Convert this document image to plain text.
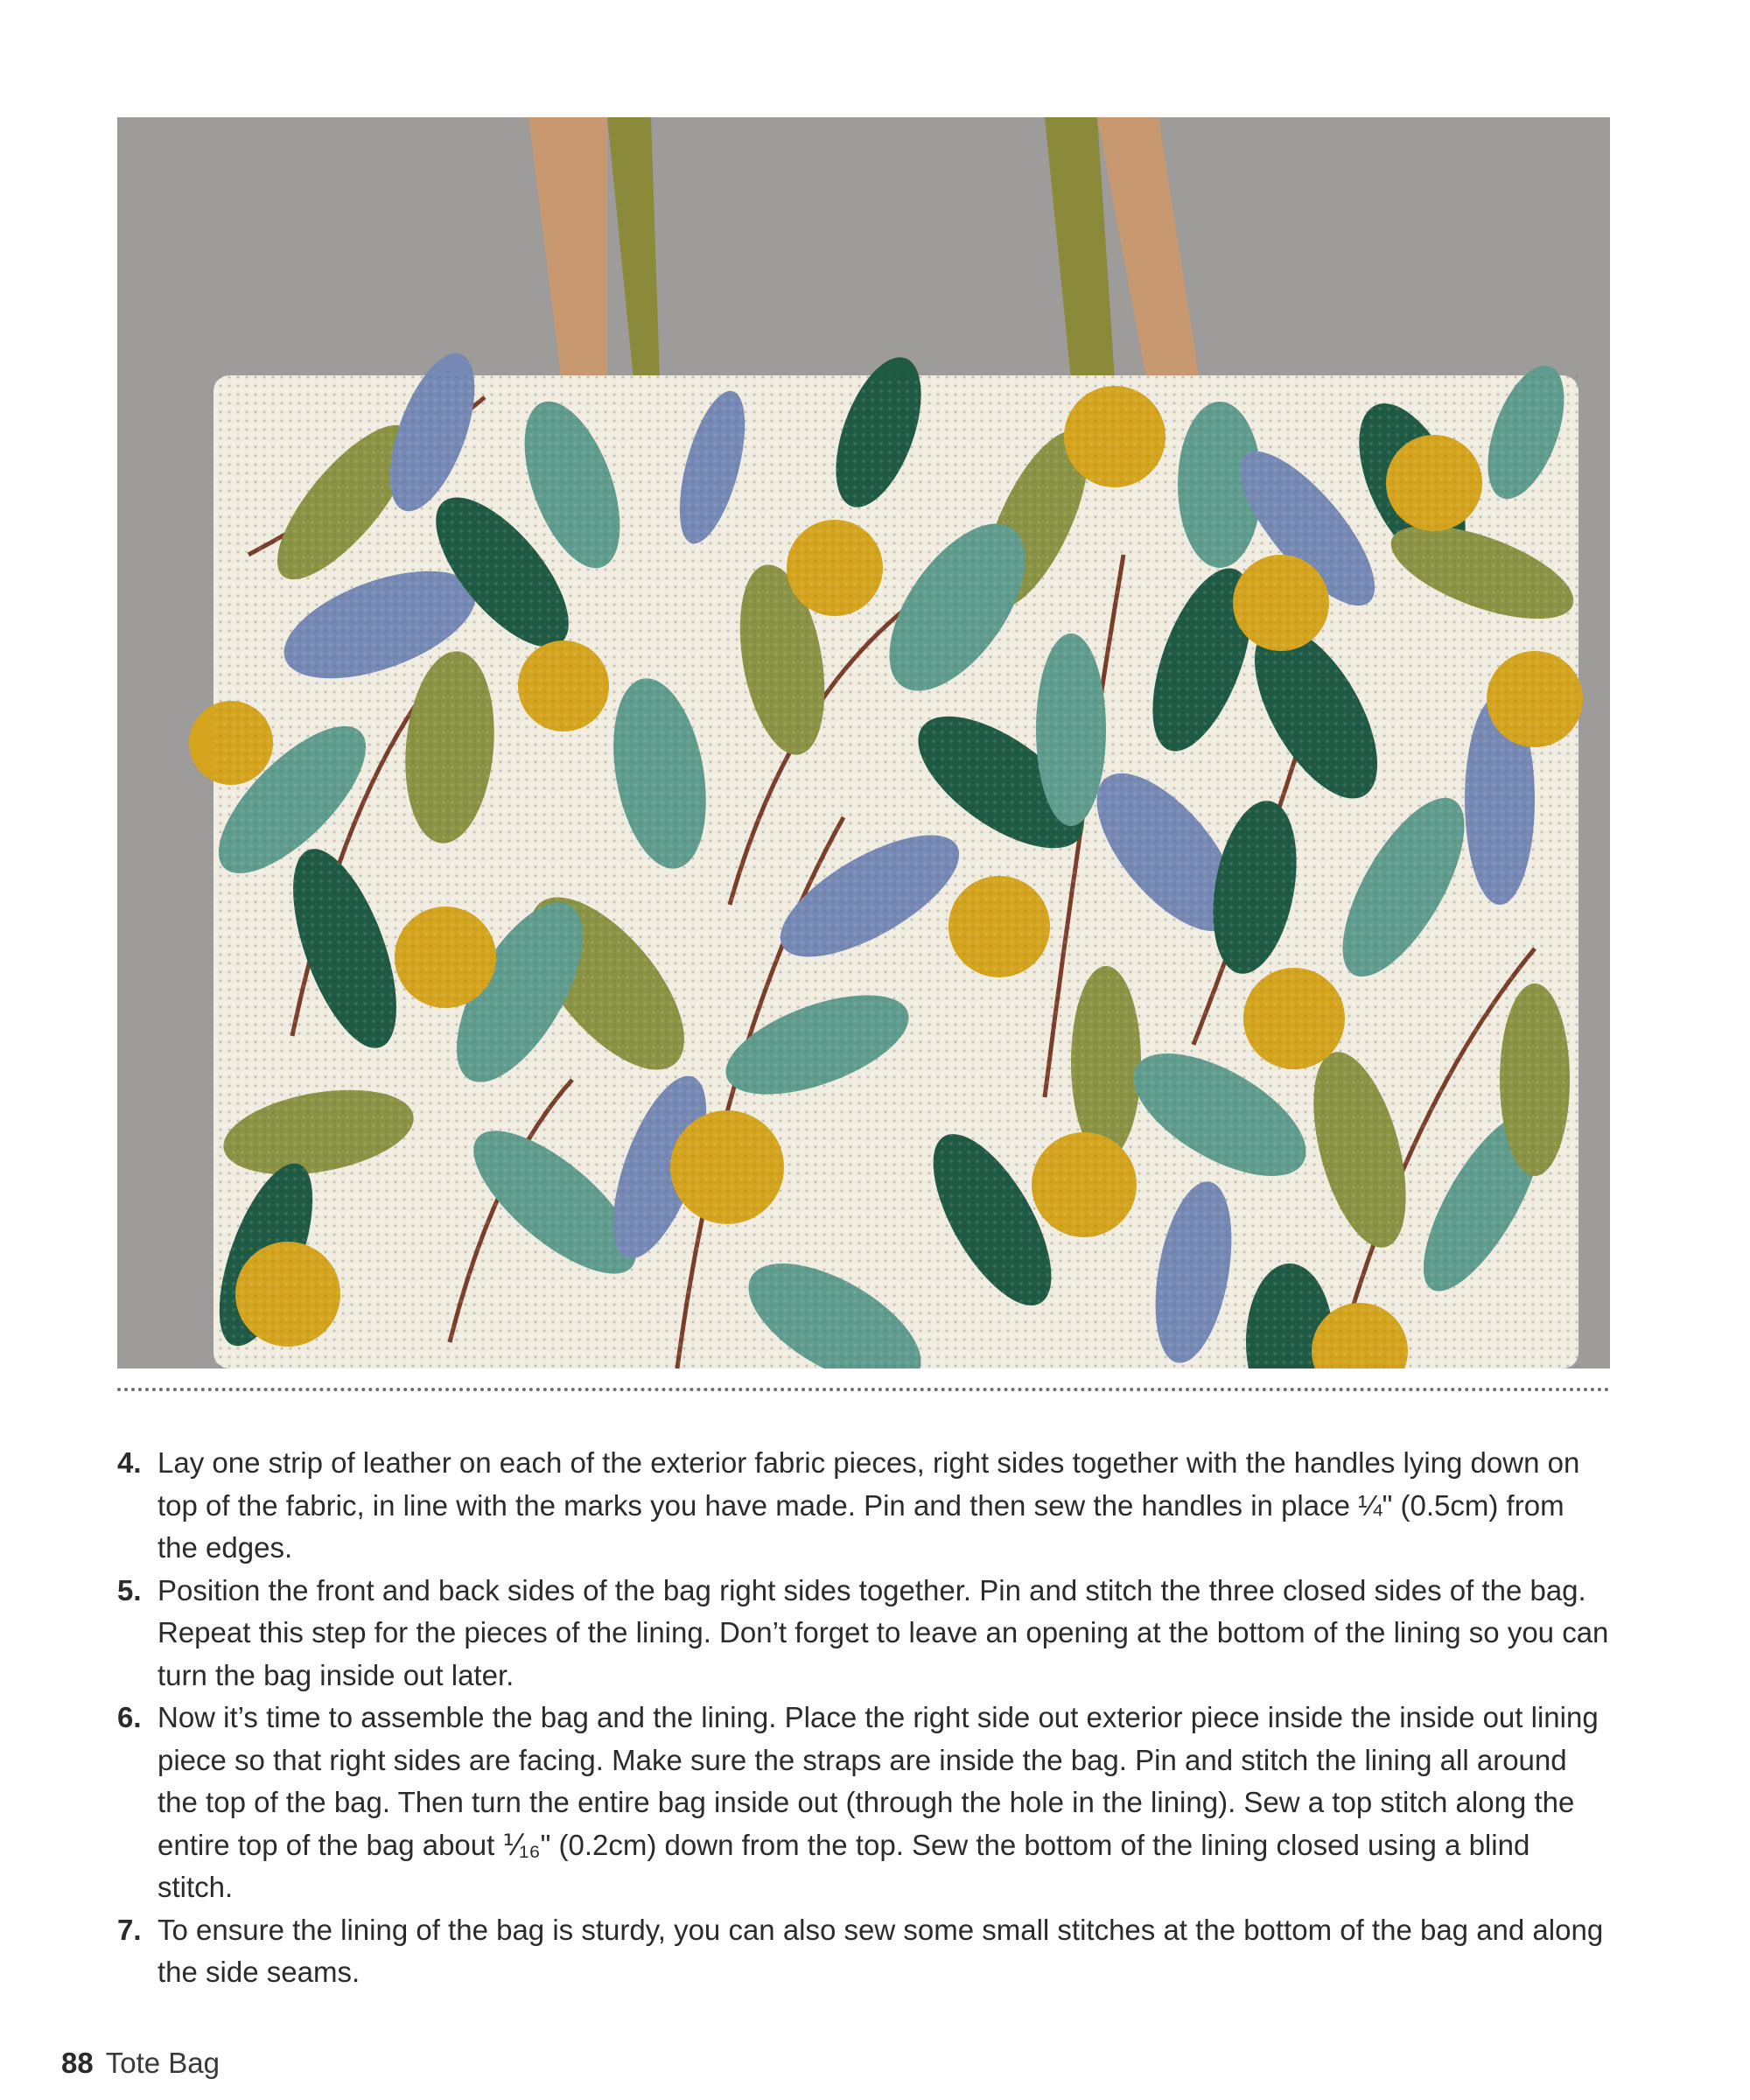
4. Lay one strip of leather on each of the exterior fabric pieces, right sides together with the handles lying down on top of the fabric, in line with the marks you have made. Pin and then sew the handles in place ¼" (0.5cm) from the edges.
5. Position the front and back sides of the bag right sides together. Pin and stitch the three closed sides of the bag. Repeat this step for the pieces of the lining. Don’t forget to leave an opening at the bottom of the lining so you can turn the bag inside out later.
6. Now it’s time to assemble the bag and the lining. Place the right side out exterior piece inside the inside out lining piece so that right sides are facing. Make sure the straps are inside the bag. Pin and stitch the lining all around the top of the bag. Then turn the entire bag inside out (through the hole in the lining). Sew a top stitch along the entire top of the bag about ⅟₁₆" (0.2cm) down from the top. Sew the bottom of the lining closed using a blind stitch.
7. To ensure the lining of the bag is sturdy, you can also sew some small stitches at the bottom of the bag and along the side seams.
88 Tote Bag
